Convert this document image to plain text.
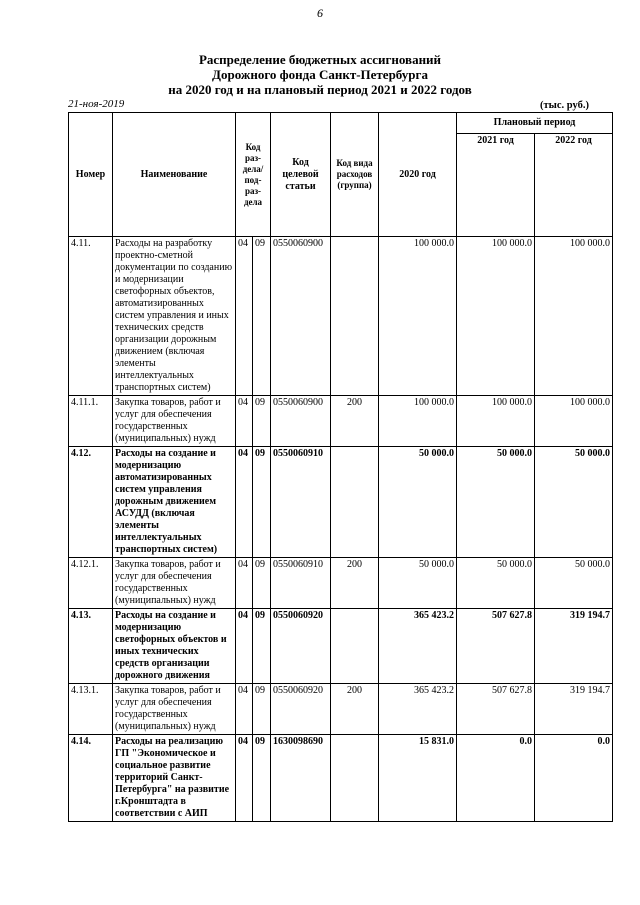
6
Распределение бюджетных ассигнований
Дорожного фонда Санкт-Петербурга
на 2020 год и на плановый период 2021 и 2022 годов
21-ноя-2019	(тыс. руб.)
Номер	Наименование	Код раз-дела/ под-раз-дела		Код целевой статьи	Код вида расходов (группа)	2020 год	Плановый период	
							2021 год	2022 год
4.11.	Расходы на разработку проектно-сметной документации по созданию и модернизации светофорных объектов, автоматизированных систем управления и иных технических средств организации дорожным движением (включая элементы интеллектуальных транспортных систем)	04	09	0550060900		100 000.0	100 000.0	100 000.0
4.11.1.	Закупка товаров, работ и услуг для обеспечения государственных (муниципальных) нужд	04	09	0550060900	200	100 000.0	100 000.0	100 000.0
4.12.	Расходы на создание и модернизацию автоматизированных систем управления дорожным движением АСУДД (включая элементы интеллектуальных транспортных систем)	04	09	0550060910		50 000.0	50 000.0	50 000.0
4.12.1.	Закупка товаров, работ и услуг для обеспечения государственных (муниципальных) нужд	04	09	0550060910	200	50 000.0	50 000.0	50 000.0
4.13.	Расходы на создание и модернизацию светофорных объектов и иных технических средств организации дорожного движения	04	09	0550060920		365 423.2	507 627.8	319 194.7
4.13.1.	Закупка товаров, работ и услуг для обеспечения государственных (муниципальных) нужд	04	09	0550060920	200	365 423.2	507 627.8	319 194.7
4.14.	Расходы на реализацию ГП "Экономическое и социальное развитие территорий Санкт-Петербурга" на развитие г.Кронштадта в соответствии с АИП	04	09	1630098690		15 831.0	0.0	0.0
